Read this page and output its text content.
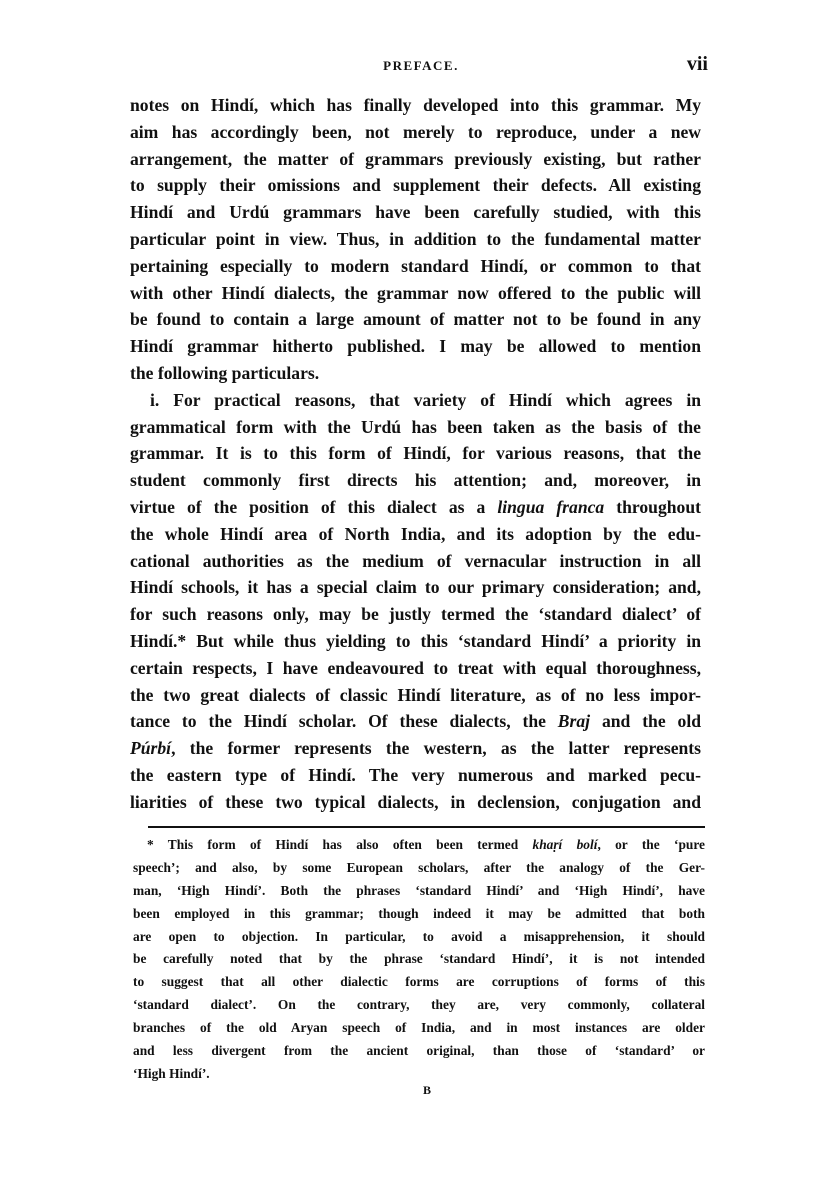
PREFACE.	vii
notes on Hindí, which has finally developed into this grammar. My
aim has accordingly been, not merely to reproduce, under a new
arrangement, the matter of grammars previously existing, but rather
to supply their omissions and supplement their defects. All existing
Hindí and Urdú grammars have been carefully studied, with this
particular point in view. Thus, in addition to the fundamental matter
pertaining especially to modern standard Hindí, or common to that
with other Hindí dialects, the grammar now offered to the public will
be found to contain a large amount of matter not to be found in any
Hindí grammar hitherto published. I may be allowed to mention
the following particulars.
i. For practical reasons, that variety of Hindí which agrees in
grammatical form with the Urdú has been taken as the basis of the
grammar. It is to this form of Hindí, for various reasons, that the
student commonly first directs his attention; and, moreover, in
virtue of the position of this dialect as a lingua franca throughout
the whole Hindí area of North India, and its adoption by the edu-
cational authorities as the medium of vernacular instruction in all
Hindí schools, it has a special claim to our primary consideration; and,
for such reasons only, may be justly termed the ‘standard dialect’ of
Hindí.* But while thus yielding to this ‘standard Hindí’ a priority in
certain respects, I have endeavoured to treat with equal thoroughness,
the two great dialects of classic Hindí literature, as of no less impor-
tance to the Hindí scholar. Of these dialects, the Braj and the old
Púrbí, the former represents the western, as the latter represents
the eastern type of Hindí. The very numerous and marked pecu-
liarities of these two typical dialects, in declension, conjugation and
* This form of Hindí has also often been termed khaṛí bolí, or the ‘pure
speech’; and also, by some European scholars, after the analogy of the Ger-
man, ‘High Hindí’. Both the phrases ‘standard Hindí’ and ‘High Hindí’, have
been employed in this grammar; though indeed it may be admitted that both
are open to objection. In particular, to avoid a misapprehension, it should
be carefully noted that by the phrase ‘standard Hindí’, it is not intended
to suggest that all other dialectic forms are corruptions of forms of this
‘standard dialect’. On the contrary, they are, very commonly, collateral
branches of the old Aryan speech of India, and in most instances are older
and less divergent from the ancient original, than those of ‘standard’ or
‘High Hindí’.
B
